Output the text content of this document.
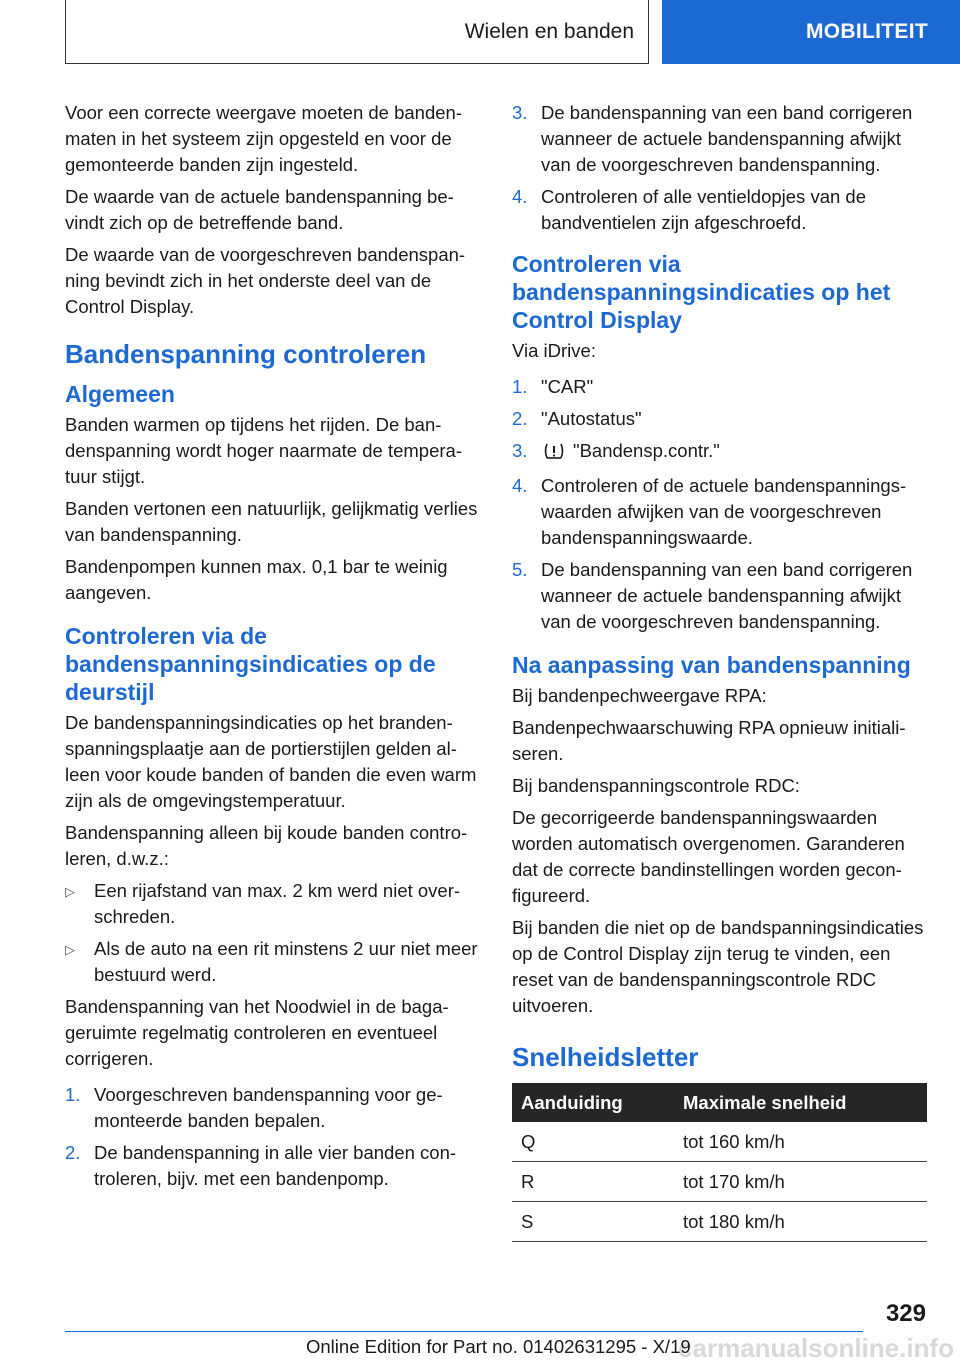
Wielen en banden	MOBILITEIT

Voor een correcte weergave moeten de bandenmaten in het systeem zijn opgesteld en voor de gemonteerde banden zijn ingesteld.

De waarde van de actuele bandenspanning bevindt zich op de betreffende band.

De waarde van de voorgeschreven bandenspanning bevindt zich in het onderste deel van de Control Display.

Bandenspanning controleren
Algemeen

Banden warmen op tijdens het rijden. De bandenspanning wordt hoger naarmate de temperatuur stijgt.

Banden vertonen een natuurlijk, gelijkmatig verlies van bandenspanning.

Bandenpompen kunnen max. 0,1 bar te weinig aangeven.

Controleren via de bandenspanningsindicaties op de deurstijl

De bandenspanningsindicaties op het brandenspanningsplaatje aan de portierstijlen gelden alleen voor koude banden of banden die even warm zijn als de omgevingstemperatuur.

Bandenspanning alleen bij koude banden controleren, d.w.z.:

▷	Een rijafstand van max. 2 km werd niet overschreden.
▷	Als de auto na een rit minstens 2 uur niet meer bestuurd werd.

Bandenspanning van het Noodwiel in de bagageruimte regelmatig controleren en eventueel corrigeren.

1. Voorgeschreven bandenspanning voor gemonteerde banden bepalen.
2. De bandenspanning in alle vier banden controleren, bijv. met een bandenpomp.
3. De bandenspanning van een band corrigeren wanneer de actuele bandenspanning afwijkt van de voorgeschreven bandenspanning.
4. Controleren of alle ventieldopjes van de bandventielen zijn afgeschroefd.
Controleren via bandenspanningsindicaties op het Control Display

Via iDrive:

1. "CAR"
2. "Autostatus"
3.	"Bandensp.contr."
4. Controleren of de actuele bandenspanningswaarden afwijken van de voorgeschreven bandenspanningswaarde.
5. De bandenspanning van een band corrigeren wanneer de actuele bandenspanning afwijkt van de voorgeschreven bandenspanning.
Na aanpassing van bandenspanning

Bij bandenpechweergave RPA:

Bandenpechwaarschuwing RPA opnieuw initialiseren.

Bij bandenspanningscontrole RDC:

De gecorrigeerde bandenspanningswaarden worden automatisch overgenomen. Garanderen dat de correcte bandinstellingen worden geconfigureerd.

Bij banden die niet op de bandspanningsindicaties op de Control Display zijn terug te vinden, een reset van de bandenspanningscontrole RDC uitvoeren.

Snelheidsletter
Aanduiding	Maximale snelheid
Q	tot 160 km/h
R	tot 170 km/h
S	tot 180 km/h
329
carmanualsonline.info
Online Edition for Part no. 01402631295 - X/19
